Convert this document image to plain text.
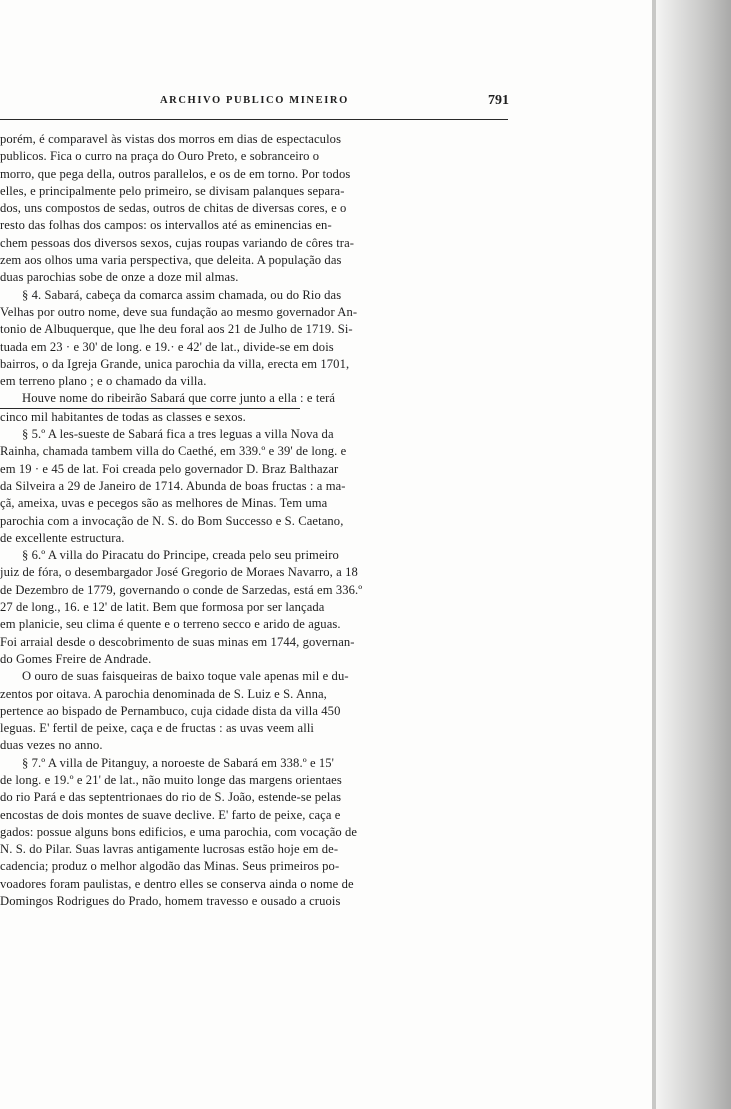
ARCHIVO PUBLICO MINEIRO	791
porém, é comparavel às vistas dos morros em dias de espectaculos
publicos. Fica o curro na praça do Ouro Preto, e sobranceiro o
morro, que pega della, outros parallelos, e os de em torno. Por todos
elles, e principalmente pelo primeiro, se divisam palanques separa-
dos, uns compostos de sedas, outros de chitas de diversas cores, e o
resto das folhas dos campos: os intervallos até as eminencias en-
chem pessoas dos diversos sexos, cujas roupas variando de côres tra-
zem aos olhos uma varia perspectiva, que deleita. A população das
duas parochias sobe de onze a doze mil almas.
§ 4. Sabará, cabeça da comarca assim chamada, ou do Rio das
Velhas por outro nome, deve sua fundação ao mesmo governador An-
tonio de Albuquerque, que lhe deu foral aos 21 de Julho de 1719. Si-
tuada em 23 · e 30' de long. e 19.· e 42' de lat., divide-se em dois
bairros, o da Igreja Grande, unica parochia da villa, erecta em 1701,
em terreno plano ; e o chamado da villa.
Houve nome do ribeirão Sabará que corre junto a ella : e terá
cinco mil habitantes de todas as classes e sexos.
§ 5.º A les-sueste de Sabará fica a tres leguas a villa Nova da
Rainha, chamada tambem villa do Caethé, em 339.º e 39' de long. e
em 19 · e 45 de lat. Foi creada pelo governador D. Braz Balthazar
da Silveira a 29 de Janeiro de 1714. Abunda de boas fructas : a ma-
çã, ameixa, uvas e pecegos são as melhores de Minas. Tem uma
parochia com a invocação de N. S. do Bom Successo e S. Caetano,
de excellente estructura.
§ 6.º A villa do Piracatu do Principe, creada pelo seu primeiro
juiz de fóra, o desembargador José Gregorio de Moraes Navarro, a 18
de Dezembro de 1779, governando o conde de Sarzedas, está em 336.º
27 de long., 16. e 12' de latit. Bem que formosa por ser lançada
em planicie, seu clima é quente e o terreno secco e arido de aguas.
Foi arraial desde o descobrimento de suas minas em 1744, governan-
do Gomes Freire de Andrade.
O ouro de suas faisqueiras de baixo toque vale apenas mil e du-
zentos por oitava. A parochia denominada de S. Luiz e S. Anna,
pertence ao bispado de Pernambuco, cuja cidade dista da villa 450
leguas. E' fertil de peixe, caça e de fructas : as uvas veem alli
duas vezes no anno.
§ 7.º A villa de Pitanguy, a noroeste de Sabará em 338.º e 15'
de long. e 19.º e 21' de lat., não muito longe das margens orientaes
do rio Pará e das septentrionaes do rio de S. João, estende-se pelas
encostas de dois montes de suave declive. E' farto de peixe, caça e
gados: possue alguns bons edificios, e uma parochia, com vocação de
N. S. do Pilar. Suas lavras antigamente lucrosas estão hoje em de-
cadencia; produz o melhor algodão das Minas. Seus primeiros po-
voadores foram paulistas, e dentro elles se conserva ainda o nome de
Domingos Rodrigues do Prado, homem travesso e ousado a cruois
